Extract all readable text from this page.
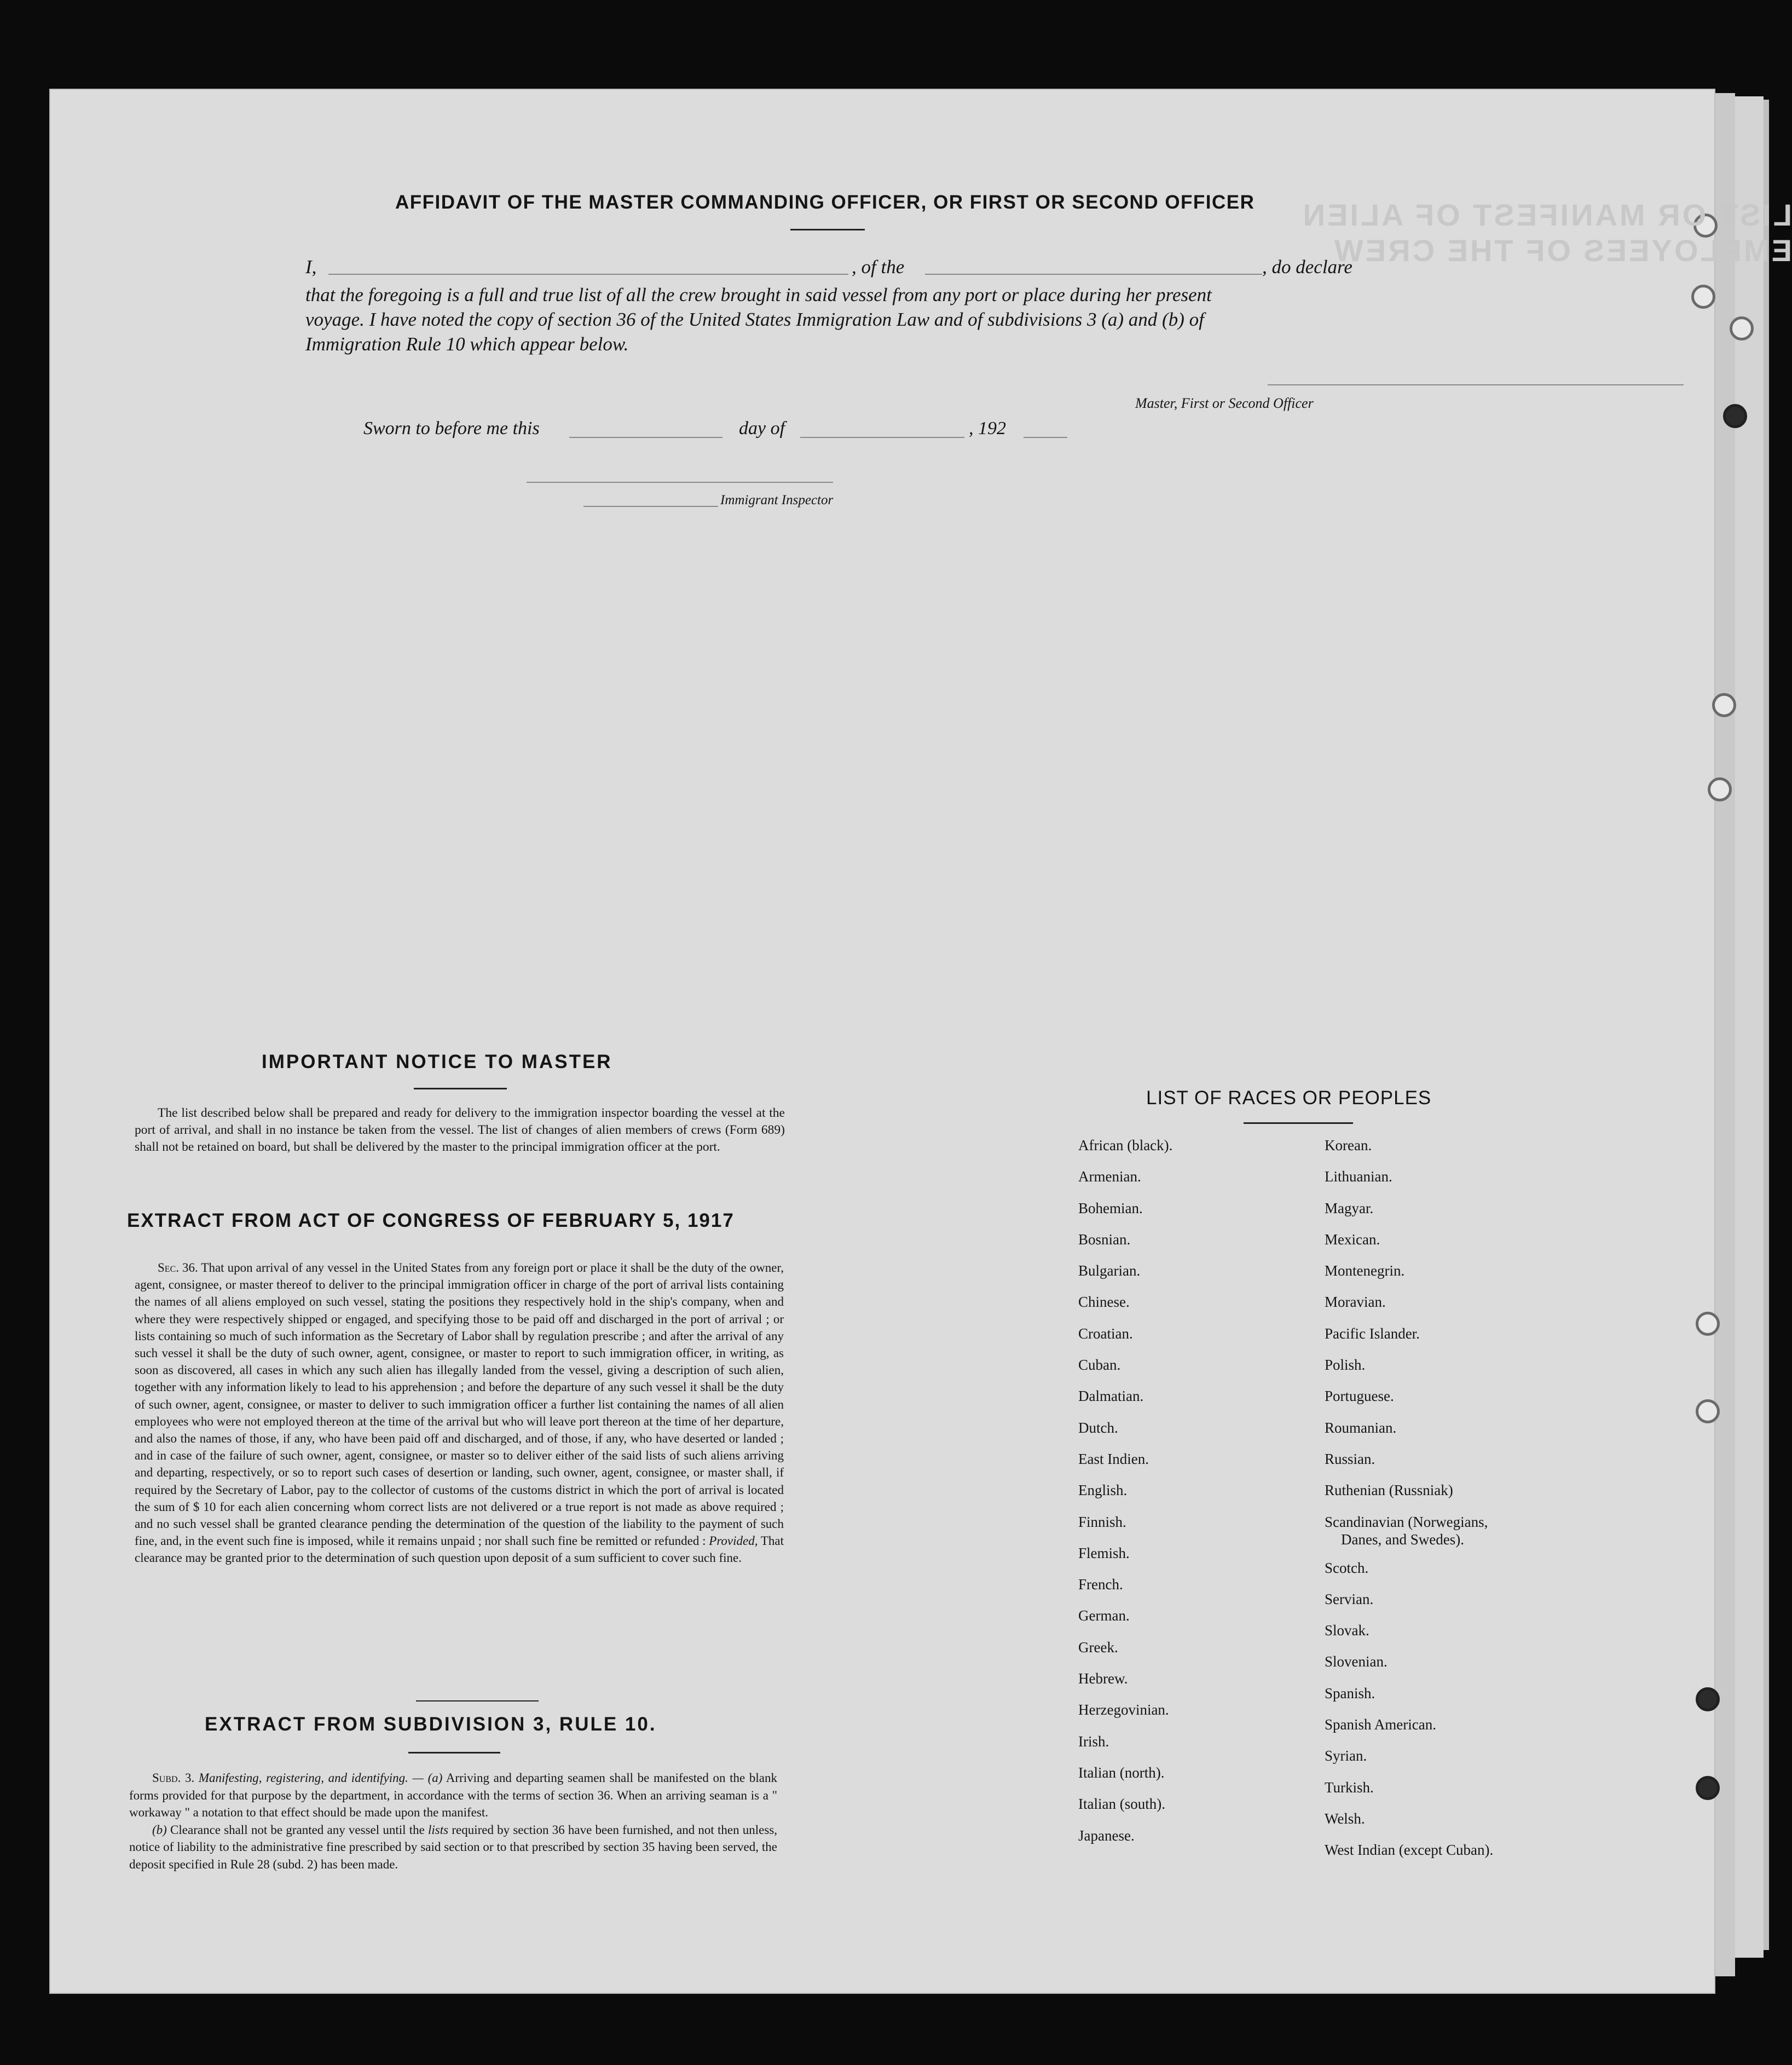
AFFIDAVIT OF THE MASTER COMMANDING OFFICER, OR FIRST OR SECOND OFFICER
I,	, of the	, do declare
that the foregoing is a full and true list of all the crew brought in said vessel from any port or place during her present
voyage. I have noted the copy of section 36 of the United States Immigration Law and of subdivisions 3 (a) and (b) of
Immigration Rule 10 which appear below.
Master, First or Second Officer
Sworn to before me this	day of	, 192
Immigrant Inspector
LIST OR MANIFEST OF ALIEN EMPLOYEES OF THE CREW
IMPORTANT NOTICE TO MASTER

The list described below shall be prepared and ready for delivery to the immigration inspector boarding the vessel at the port of arrival, and shall in no instance be taken from the vessel. The list of changes of alien members of crews (Form 689) shall not be retained on board, but shall be delivered by the master to the principal immigration officer at the port.

EXTRACT FROM ACT OF CONGRESS OF FEBRUARY 5, 1917

Sec. 36. That upon arrival of any vessel in the United States from any foreign port or place it shall be the duty of the owner, agent, consignee, or master thereof to deliver to the principal immigration officer in charge of the port of arrival lists containing the names of all aliens employed on such vessel, stating the positions they respectively hold in the ship's company, when and where they were respectively shipped or engaged, and specifying those to be paid off and discharged in the port of arrival ; or lists containing so much of such information as the Secretary of Labor shall by regulation prescribe ; and after the arrival of any such vessel it shall be the duty of such owner, agent, consignee, or master to report to such immigration officer, in writing, as soon as discovered, all cases in which any such alien has illegally landed from the vessel, giving a description of such alien, together with any information likely to lead to his apprehension ; and before the departure of any such vessel it shall be the duty of such owner, agent, consignee, or master to deliver to such immigration officer a further list containing the names of all alien employees who were not employed thereon at the time of the arrival but who will leave port thereon at the time of her departure, and also the names of those, if any, who have been paid off and discharged, and of those, if any, who have deserted or landed ; and in case of the failure of such owner, agent, consignee, or master so to deliver either of the said lists of such aliens arriving and departing, respectively, or so to report such cases of desertion or landing, such owner, agent, consignee, or master shall, if required by the Secretary of Labor, pay to the collector of customs of the customs district in which the port of arrival is located the sum of $ 10 for each alien concerning whom correct lists are not delivered or a true report is not made as above required ; and no such vessel shall be granted clearance pending the determination of the question of the liability to the payment of such fine, and, in the event such fine is imposed, while it remains unpaid ; nor shall such fine be remitted or refunded : Provided, That clearance may be granted prior to the determination of such question upon deposit of a sum sufficient to cover such fine.

EXTRACT FROM SUBDIVISION 3, RULE 10.

Subd. 3. Manifesting, registering, and identifying. — (a) Arriving and departing seamen shall be manifested on the blank forms provided for that purpose by the department, in accordance with the terms of section 36. When an arriving seaman is a " workaway " a notation to that effect should be made upon the manifest.

(b) Clearance shall not be granted any vessel until the lists required by section 36 have been furnished, and not then unless, notice of liability to the administrative fine prescribed by said section or to that prescribed by section 35 having been served, the deposit specified in Rule 28 (subd. 2) has been made.

LIST OF RACES OR PEOPLES
African (black).
Armenian.
Bohemian.
Bosnian.
Bulgarian.
Chinese.
Croatian.
Cuban.
Dalmatian.
Dutch.
East Indien.
English.
Finnish.
Flemish.
French.
German.
Greek.
Hebrew.
Herzegovinian.
Irish.
Italian (north).
Italian (south).
Japanese.
Korean.
Lithuanian.
Magyar.
Mexican.
Montenegrin.
Moravian.
Pacific Islander.
Polish.
Portuguese.
Roumanian.
Russian.
Ruthenian (Russniak)
Scandinavian (Norwegians,
Danes, and Swedes).
Scotch.
Servian.
Slovak.
Slovenian.
Spanish.
Spanish American.
Syrian.
Turkish.
Welsh.
West Indian (except Cuban).
